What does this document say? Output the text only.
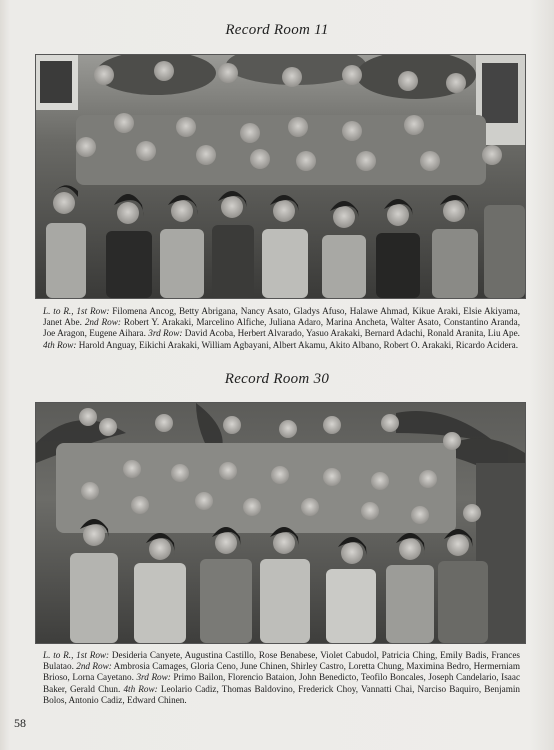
Record Room 11
L. to R., 1st Row: Filomena Ancog, Betty Abrigana, Nancy Asato, Gladys Afuso, Halawe Ahmad, Kikue Araki, Elsie Akiyama, Janet Abe. 2nd Row: Robert Y. Arakaki, Marcelino Alfiche, Juliana Adaro, Marina Ancheta, Walter Asato, Constantino Aranda, Joe Aragon, Eugene Aihara. 3rd Row: David Acoba, Herbert Alvarado, Yasuo Arakaki, Bernard Adachi, Ronald Aranita, Liu Ape. 4th Row: Harold Anguay, Eikichi Arakaki, William Agbayani, Albert Akamu, Akito Albano, Robert O. Arakaki, Ricardo Acidera.
Record Room 30
L. to R., 1st Row: Desideria Canyete, Augustina Castillo, Rose Benabese, Violet Cabudol, Patricia Ching, Emily Badis, Frances Bulatao. 2nd Row: Ambrosia Camages, Gloria Ceno, June Chinen, Shirley Castro, Loretta Chung, Maximina Bedro, Hermerniam Brioso, Lorna Cayetano. 3rd Row: Primo Bailon, Florencio Bataion, John Benedicto, Teofilo Boncales, Joseph Candelario, Isaac Baker, Gerald Chun. 4th Row: Leolario Cadiz, Thomas Baldovino, Frederick Choy, Vannatti Chai, Narciso Baquiro, Benjamin Bolos, Antonio Cadiz, Edward Chinen.
58
